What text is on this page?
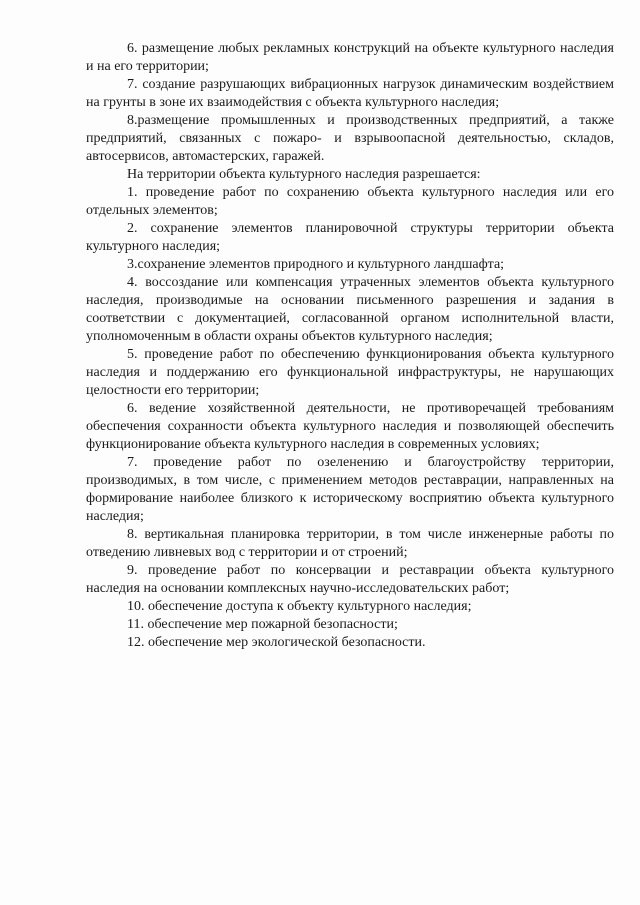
6. размещение любых рекламных конструкций на объекте культурного наследия и на его территории;

7. создание разрушающих вибрационных нагрузок динамическим воздействием на грунты в зоне их взаимодействия с объекта культурного наследия;

8.размещение промышленных и производственных предприятий, а также предприятий, связанных с пожаро- и взрывоопасной деятельностью, складов, автосервисов, автомастерских, гаражей.

На территории объекта культурного наследия разрешается:

1. проведение работ по сохранению объекта культурного наследия или его отдельных элементов;

2. сохранение элементов планировочной структуры территории объекта культурного наследия;

3.сохранение элементов природного и культурного ландшафта;

4. воссоздание или компенсация утраченных элементов объекта культурного наследия, производимые на основании письменного разрешения и задания в соответствии с документацией, согласованной органом исполнительной власти, уполномоченным в области охраны объектов культурного наследия;

5. проведение работ по обеспечению функционирования объекта культурного наследия и поддержанию его функциональной инфраструктуры, не нарушающих целостности его территории;

6. ведение хозяйственной деятельности, не противоречащей требованиям обеспечения сохранности объекта культурного наследия и позволяющей обеспечить функционирование объекта культурного наследия в современных условиях;

7. проведение работ по озеленению и благоустройству территории, производимых, в том числе, с применением методов реставрации, направленных на формирование наиболее близкого к историческому восприятию объекта культурного наследия;

8. вертикальная планировка территории, в том числе инженерные работы по отведению ливневых вод с территории и от строений;

9. проведение работ по консервации и реставрации объекта культурного наследия на основании комплексных научно-исследовательских работ;

10. обеспечение доступа к объекту культурного наследия;

11. обеспечение мер пожарной безопасности;

12. обеспечение мер экологической безопасности.
